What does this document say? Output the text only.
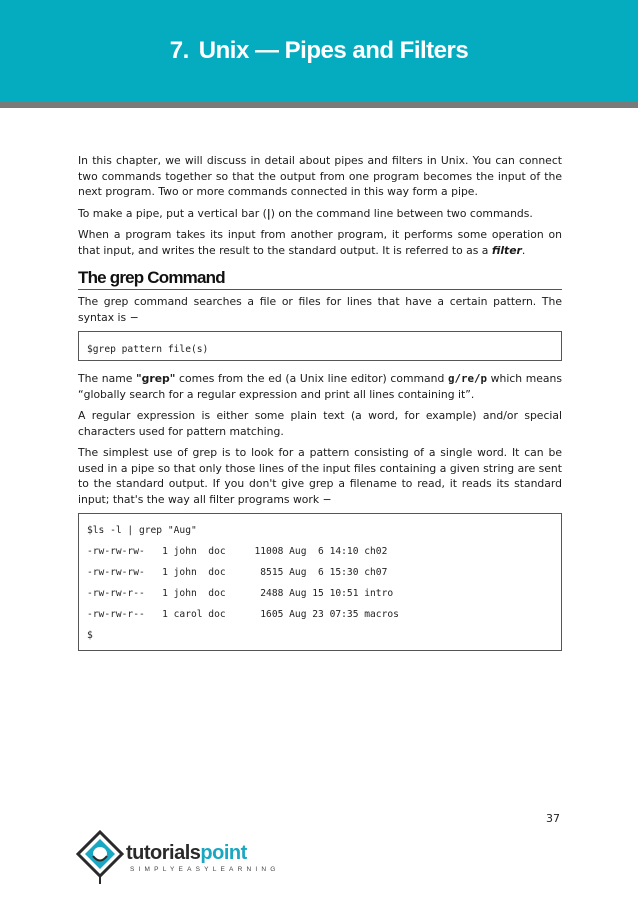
7. Unix — Pipes and Filters

In this chapter, we will discuss in detail about pipes and filters in Unix. You can connect two commands together so that the output from one program becomes the input of the next program. Two or more commands connected in this way form a pipe.

To make a pipe, put a vertical bar (|) on the command line between two commands.

When a program takes its input from another program, it performs some operation on that input, and writes the result to the standard output. It is referred to as a filter.

The grep Command

The grep command searches a file or files for lines that have a certain pattern. The syntax is −

$grep pattern file(s)

The name "grep" comes from the ed (a Unix line editor) command g/re/p which means “globally search for a regular expression and print all lines containing it”.

A regular expression is either some plain text (a word, for example) and/or special characters used for pattern matching.

The simplest use of grep is to look for a pattern consisting of a single word. It can be used in a pipe so that only those lines of the input files containing a given string are sent to the standard output. If you don't give grep a filename to read, it reads its standard input; that's the way all filter programs work −

$ls -l | grep "Aug"
-rw-rw-rw-   1 john  doc     11008 Aug  6 14:10 ch02
-rw-rw-rw-   1 john  doc      8515 Aug  6 15:30 ch07
-rw-rw-r--   1 john  doc      2488 Aug 15 10:51 intro
-rw-rw-r--   1 carol doc      1605 Aug 23 07:35 macros
$
37
tutorialspoint
SIMPLYEASYLEARNING
